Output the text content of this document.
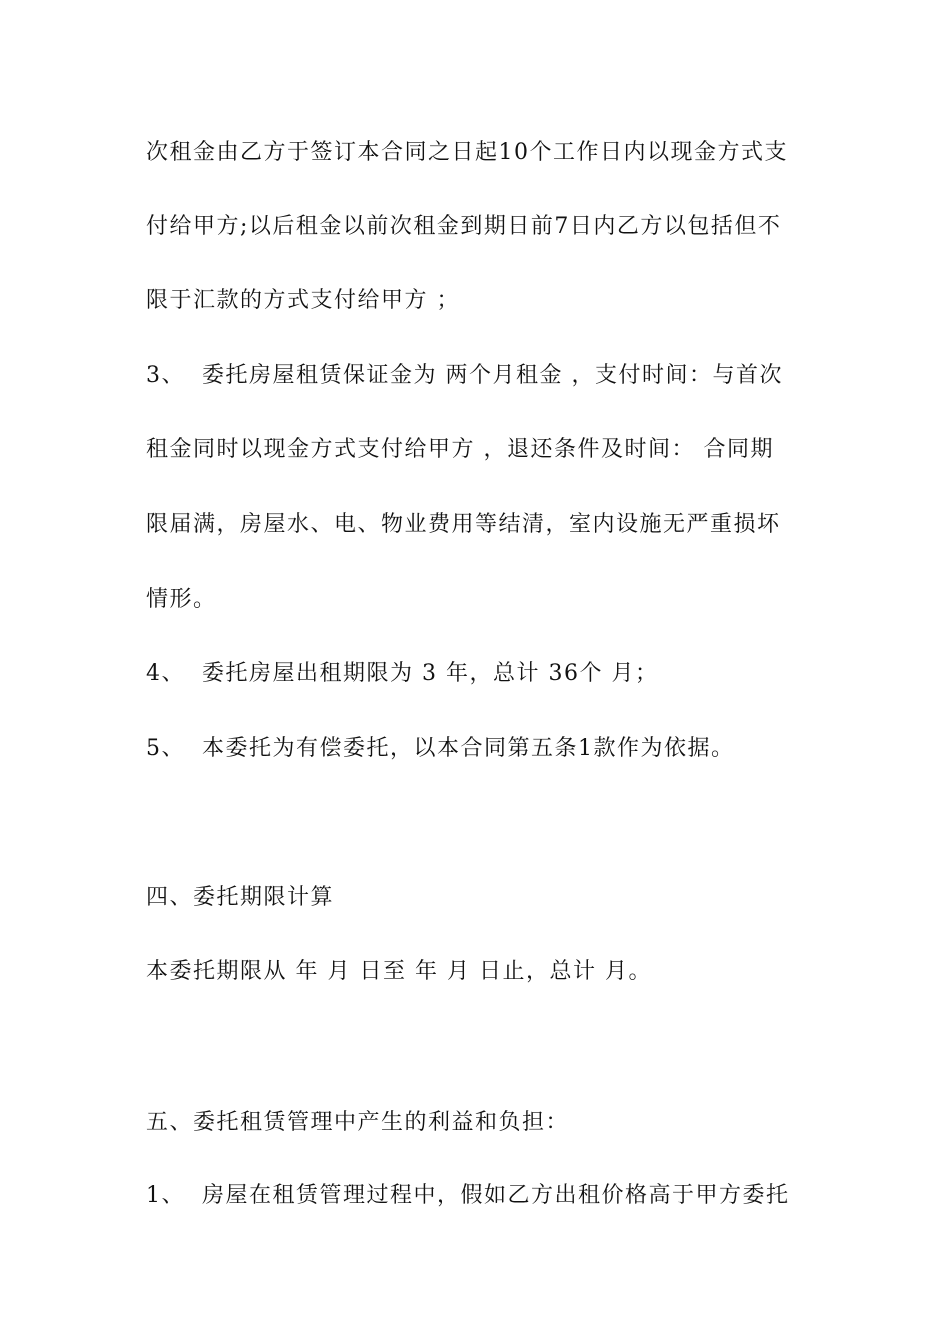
次租金由乙方于签订本合同之日起10个工作日内以现金方式支
付给甲方;以后租金以前次租金到期日前7日内乙方以包括但不
限于汇款的方式支付给甲方 ；
3、  委托房屋租赁保证金为 两个月租金 ，支付时间：与首次
租金同时以现金方式支付给甲方 ，退还条件及时间： 合同期
限届满，房屋水、电、物业费用等结清，室内设施无严重损坏
情形。
4、  委托房屋出租期限为 3 年，总计 36个 月；
5、  本委托为有偿委托，以本合同第五条1款作为依据。
四、委托期限计算
本委托期限从 年 月 日至 年 月 日止，总计 月。
五、委托租赁管理中产生的利益和负担：
1、  房屋在租赁管理过程中，假如乙方出租价格高于甲方委托
